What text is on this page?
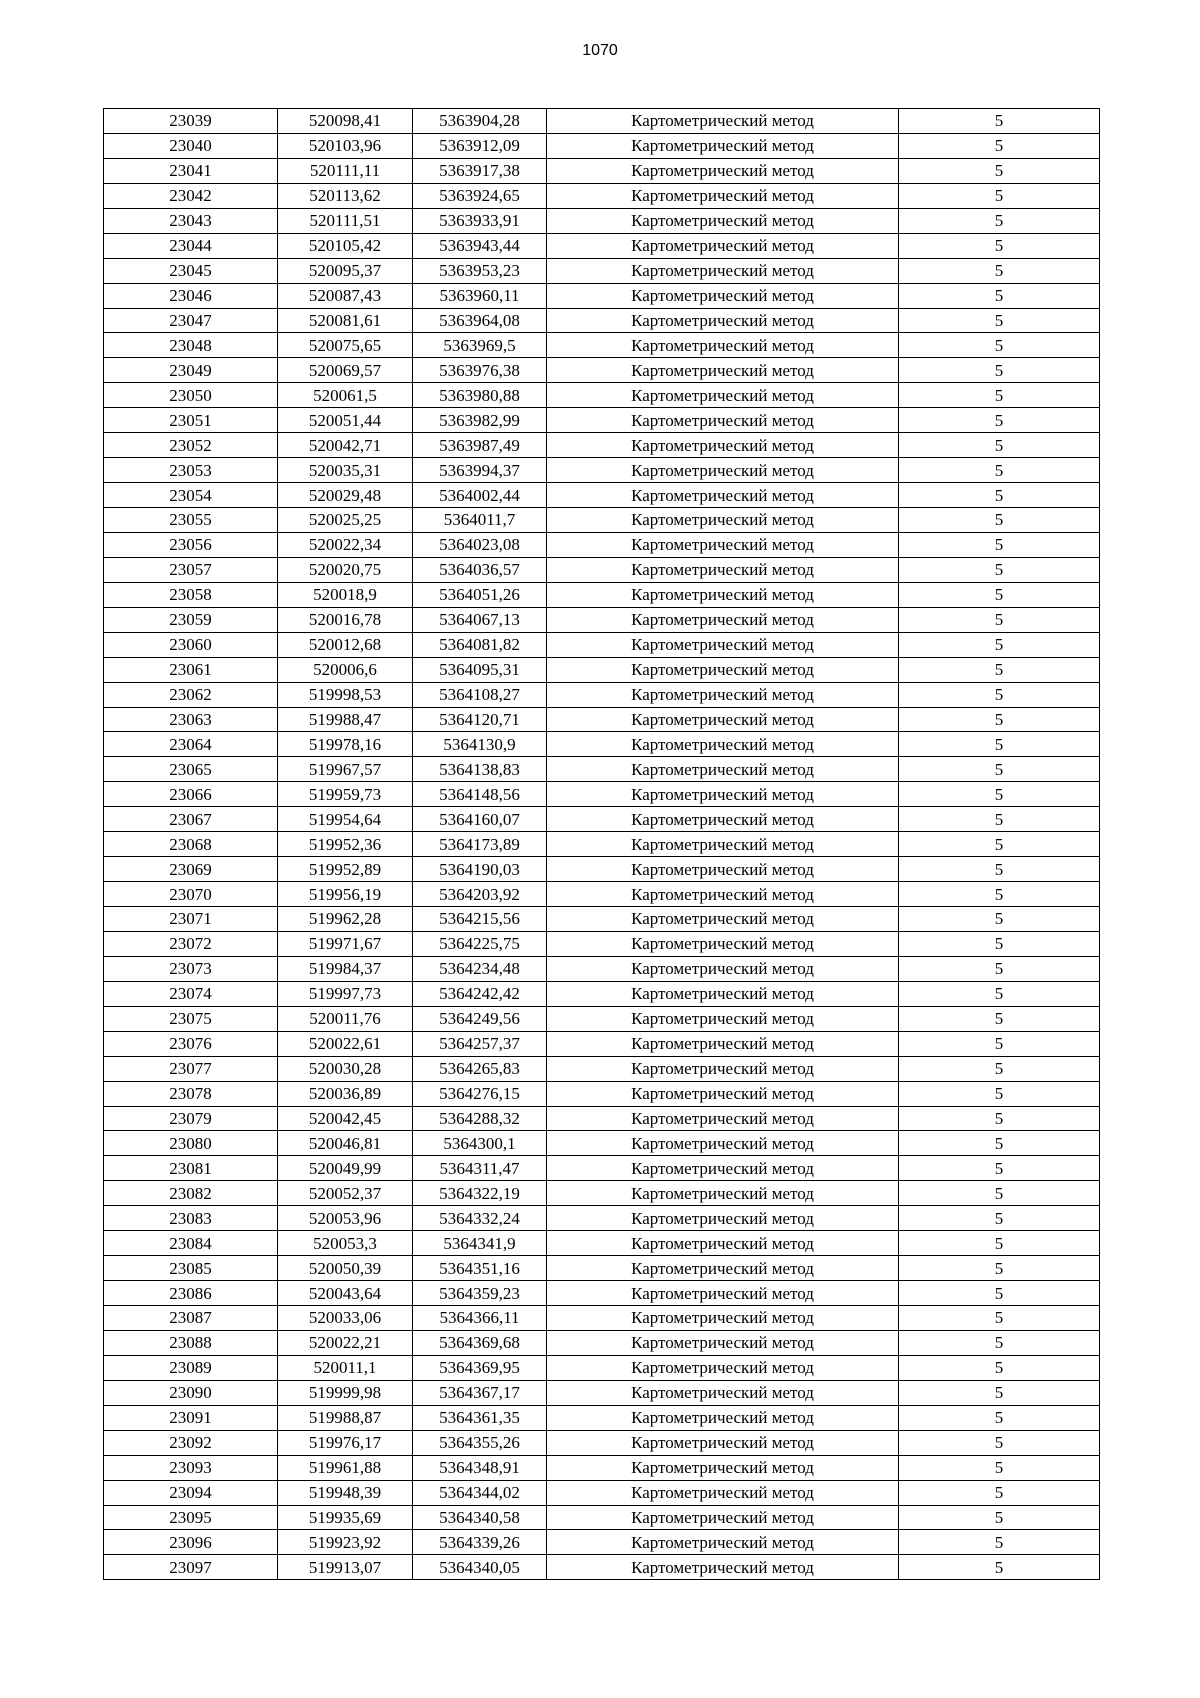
1070
23039	520098,41	5363904,28	Картометрический метод	5
23040	520103,96	5363912,09	Картометрический метод	5
23041	520111,11	5363917,38	Картометрический метод	5
23042	520113,62	5363924,65	Картометрический метод	5
23043	520111,51	5363933,91	Картометрический метод	5
23044	520105,42	5363943,44	Картометрический метод	5
23045	520095,37	5363953,23	Картометрический метод	5
23046	520087,43	5363960,11	Картометрический метод	5
23047	520081,61	5363964,08	Картометрический метод	5
23048	520075,65	5363969,5	Картометрический метод	5
23049	520069,57	5363976,38	Картометрический метод	5
23050	520061,5	5363980,88	Картометрический метод	5
23051	520051,44	5363982,99	Картометрический метод	5
23052	520042,71	5363987,49	Картометрический метод	5
23053	520035,31	5363994,37	Картометрический метод	5
23054	520029,48	5364002,44	Картометрический метод	5
23055	520025,25	5364011,7	Картометрический метод	5
23056	520022,34	5364023,08	Картометрический метод	5
23057	520020,75	5364036,57	Картометрический метод	5
23058	520018,9	5364051,26	Картометрический метод	5
23059	520016,78	5364067,13	Картометрический метод	5
23060	520012,68	5364081,82	Картометрический метод	5
23061	520006,6	5364095,31	Картометрический метод	5
23062	519998,53	5364108,27	Картометрический метод	5
23063	519988,47	5364120,71	Картометрический метод	5
23064	519978,16	5364130,9	Картометрический метод	5
23065	519967,57	5364138,83	Картометрический метод	5
23066	519959,73	5364148,56	Картометрический метод	5
23067	519954,64	5364160,07	Картометрический метод	5
23068	519952,36	5364173,89	Картометрический метод	5
23069	519952,89	5364190,03	Картометрический метод	5
23070	519956,19	5364203,92	Картометрический метод	5
23071	519962,28	5364215,56	Картометрический метод	5
23072	519971,67	5364225,75	Картометрический метод	5
23073	519984,37	5364234,48	Картометрический метод	5
23074	519997,73	5364242,42	Картометрический метод	5
23075	520011,76	5364249,56	Картометрический метод	5
23076	520022,61	5364257,37	Картометрический метод	5
23077	520030,28	5364265,83	Картометрический метод	5
23078	520036,89	5364276,15	Картометрический метод	5
23079	520042,45	5364288,32	Картометрический метод	5
23080	520046,81	5364300,1	Картометрический метод	5
23081	520049,99	5364311,47	Картометрический метод	5
23082	520052,37	5364322,19	Картометрический метод	5
23083	520053,96	5364332,24	Картометрический метод	5
23084	520053,3	5364341,9	Картометрический метод	5
23085	520050,39	5364351,16	Картометрический метод	5
23086	520043,64	5364359,23	Картометрический метод	5
23087	520033,06	5364366,11	Картометрический метод	5
23088	520022,21	5364369,68	Картометрический метод	5
23089	520011,1	5364369,95	Картометрический метод	5
23090	519999,98	5364367,17	Картометрический метод	5
23091	519988,87	5364361,35	Картометрический метод	5
23092	519976,17	5364355,26	Картометрический метод	5
23093	519961,88	5364348,91	Картометрический метод	5
23094	519948,39	5364344,02	Картометрический метод	5
23095	519935,69	5364340,58	Картометрический метод	5
23096	519923,92	5364339,26	Картометрический метод	5
23097	519913,07	5364340,05	Картометрический метод	5
